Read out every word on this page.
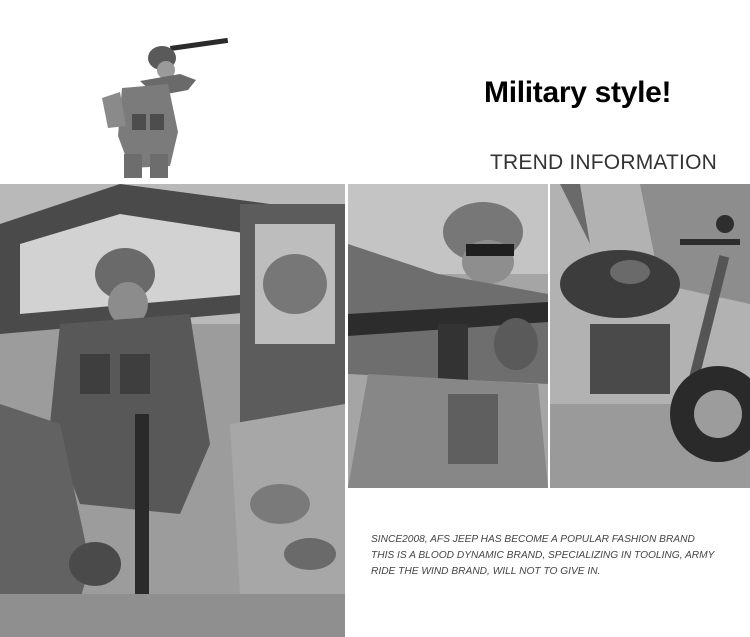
Military style!
TREND INFORMATION
SINCE2008, AFS JEEP HAS BECOME A POPULAR FASHION BRAND
THIS IS A BLOOD DYNAMIC BRAND, SPECIALIZING IN TOOLING, ARMY
RIDE THE WIND BRAND, WILL NOT TO GIVE IN.
